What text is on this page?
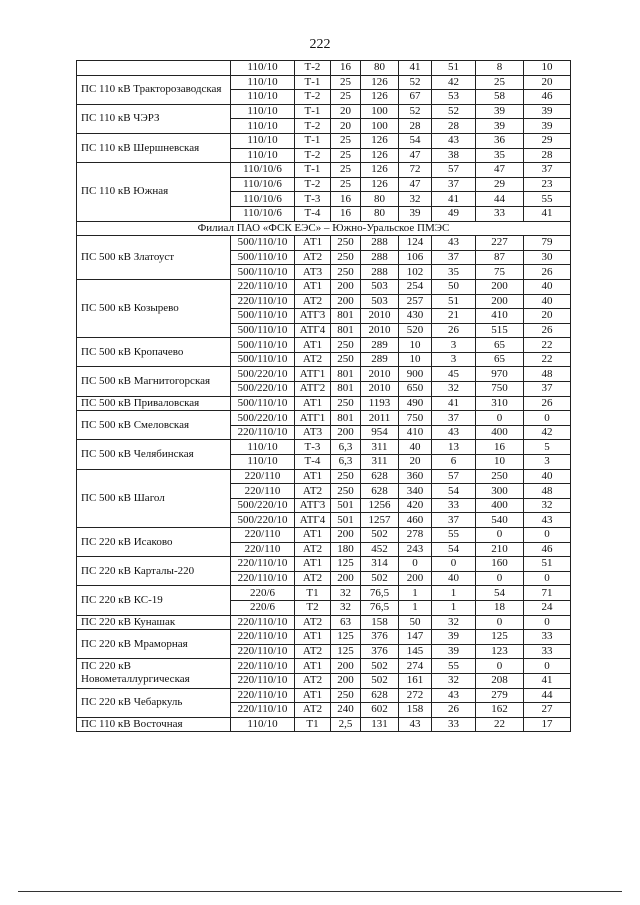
222
	110/10	Т-2	16	80	41	51	8	10
ПС 110 кВ Тракторозаводская	110/10	Т-1	25	126	52	42	25	20
	110/10	Т-2	25	126	67	53	58	46
ПС 110 кВ ЧЭРЗ	110/10	Т-1	20	100	52	52	39	39
	110/10	Т-2	20	100	28	28	39	39
ПС 110 кВ Шершневская	110/10	Т-1	25	126	54	43	36	29
	110/10	Т-2	25	126	47	38	35	28
ПС 110 кВ Южная	110/10/6	Т-1	25	126	72	57	47	37
	110/10/6	Т-2	25	126	47	37	29	23
	110/10/6	Т-3	16	80	32	41	44	55
	110/10/6	Т-4	16	80	39	49	33	41
Филиал ПАО «ФСК ЕЭС» – Южно-Уральское ПМЭС								
ПС 500 кВ Златоуст	500/110/10	АТ1	250	288	124	43	227	79
	500/110/10	АТ2	250	288	106	37	87	30
	500/110/10	АТ3	250	288	102	35	75	26
ПС 500 кВ Козырево	220/110/10	АТ1	200	503	254	50	200	40
	220/110/10	АТ2	200	503	257	51	200	40
	500/110/10	АТГ3	801	2010	430	21	410	20
	500/110/10	АТГ4	801	2010	520	26	515	26
ПС 500 кВ Кропачево	500/110/10	АТ1	250	289	10	3	65	22
	500/110/10	АТ2	250	289	10	3	65	22
ПС 500 кВ Магнитогорская	500/220/10	АТГ1	801	2010	900	45	970	48
	500/220/10	АТГ2	801	2010	650	32	750	37
ПС 500 кВ Приваловская	500/110/10	АТ1	250	1193	490	41	310	26
ПС 500 кВ Смеловская	500/220/10	АТГ1	801	2011	750	37	0	0
	220/110/10	АТ3	200	954	410	43	400	42
ПС 500 кВ Челябинская	110/10	Т-3	6,3	311	40	13	16	5
	110/10	Т-4	6,3	311	20	6	10	3
ПС 500 кВ Шагол	220/110	АТ1	250	628	360	57	250	40
	220/110	АТ2	250	628	340	54	300	48
	500/220/10	АТГ3	501	1256	420	33	400	32
	500/220/10	АТГ4	501	1257	460	37	540	43
ПС 220 кВ Исаково	220/110	АТ1	200	502	278	55	0	0
	220/110	АТ2	180	452	243	54	210	46
ПС 220 кВ Карталы-220	220/110/10	АТ1	125	314	0	0	160	51
	220/110/10	АТ2	200	502	200	40	0	0
ПС 220 кВ КС-19	220/6	Т1	32	76,5	1	1	54	71
	220/6	Т2	32	76,5	1	1	18	24
ПС 220 кВ Кунашак	220/110/10	АТ2	63	158	50	32	0	0
ПС 220 кВ Мраморная	220/110/10	АТ1	125	376	147	39	125	33
	220/110/10	АТ2	125	376	145	39	123	33
ПС 220 кВ Новометаллургическая	220/110/10	АТ1	200	502	274	55	0	0
	220/110/10	АТ2	200	502	161	32	208	41
ПС 220 кВ Чебаркуль	220/110/10	АТ1	250	628	272	43	279	44
	220/110/10	АТ2	240	602	158	26	162	27
ПС 110 кВ Восточная	110/10	Т1	2,5	131	43	33	22	17
